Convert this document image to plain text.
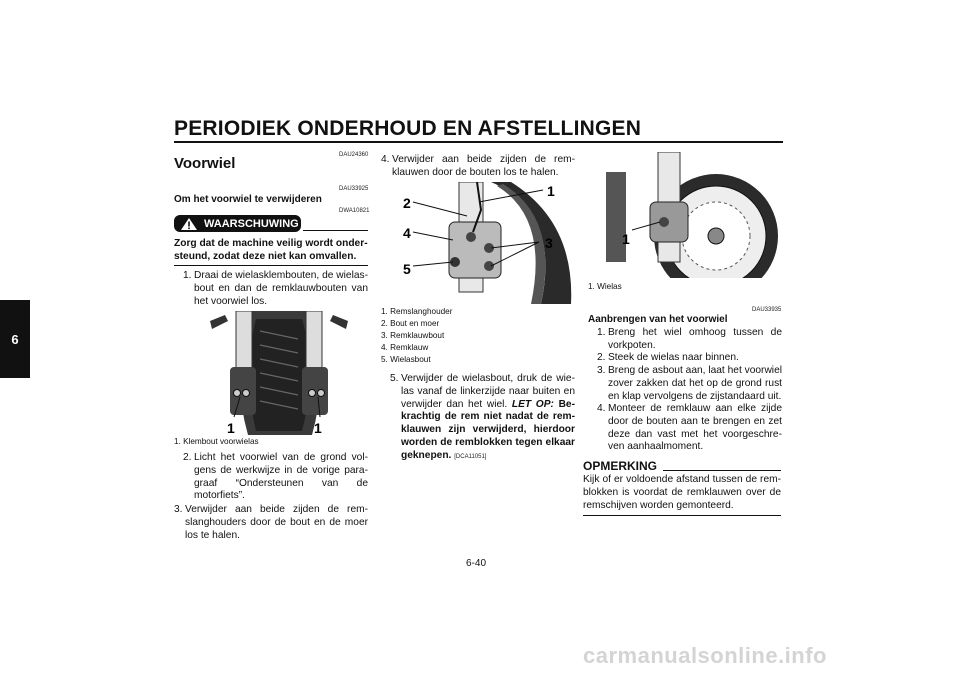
PERIODIEK ONDERHOUD EN AFSTELLINGEN
6
DAU24360
Voorwiel
DAU33925
Om het voorwiel te verwijderen
WAARSCHUWING
DWA10821
Zorg dat de machine veilig wordt onder-steund, zodat deze niet kan omvallen.
1. Draai de wielasklembouten, de wielas-bout en dan de remklauwbouten van het voorwiel los.
1	1
1. Klembout voorwielas
2. Licht het voorwiel van de grond vol-gens de werkwijze in de vorige para-graaf “Ondersteunen van de motorfiets”.
3. Verwijder aan beide zijden de rem-slanghouders door de bout en de moer los te halen.
4. Verwijder aan beide zijden de rem-klauwen door de bouten los te halen.
2
4
5
1
3
1. Remslanghouder
2. Bout en moer
3. Remklauwbout
4. Remklauw
5. Wielasbout
5. Verwijder de wielasbout, druk de wie-las vanaf de linkerzijde naar buiten en verwijder dan het wiel. LET OP: Be-krachtig de rem niet nadat de rem-klauwen zijn verwijderd, hierdoor worden de remblokken tegen elkaar geknepen. [DCA11051]
1
1. Wielas
DAU33935
Aanbrengen van het voorwiel
1. Breng het wiel omhoog tussen de vorkpoten.
2. Steek de wielas naar binnen.
3. Breng de asbout aan, laat het voorwiel zover zakken dat het op de grond rust en klap vervolgens de zijstandaard uit.
4. Monteer de remklauw aan elke zijde door de bouten aan te brengen en zet deze dan vast met het voorgeschre-ven aanhaalmoment.
OPMERKING
Kijk of er voldoende afstand tussen de rem-blokken is voordat de remklauwen over de remschijven worden gemonteerd.
6-40
carmanualsonline.info
